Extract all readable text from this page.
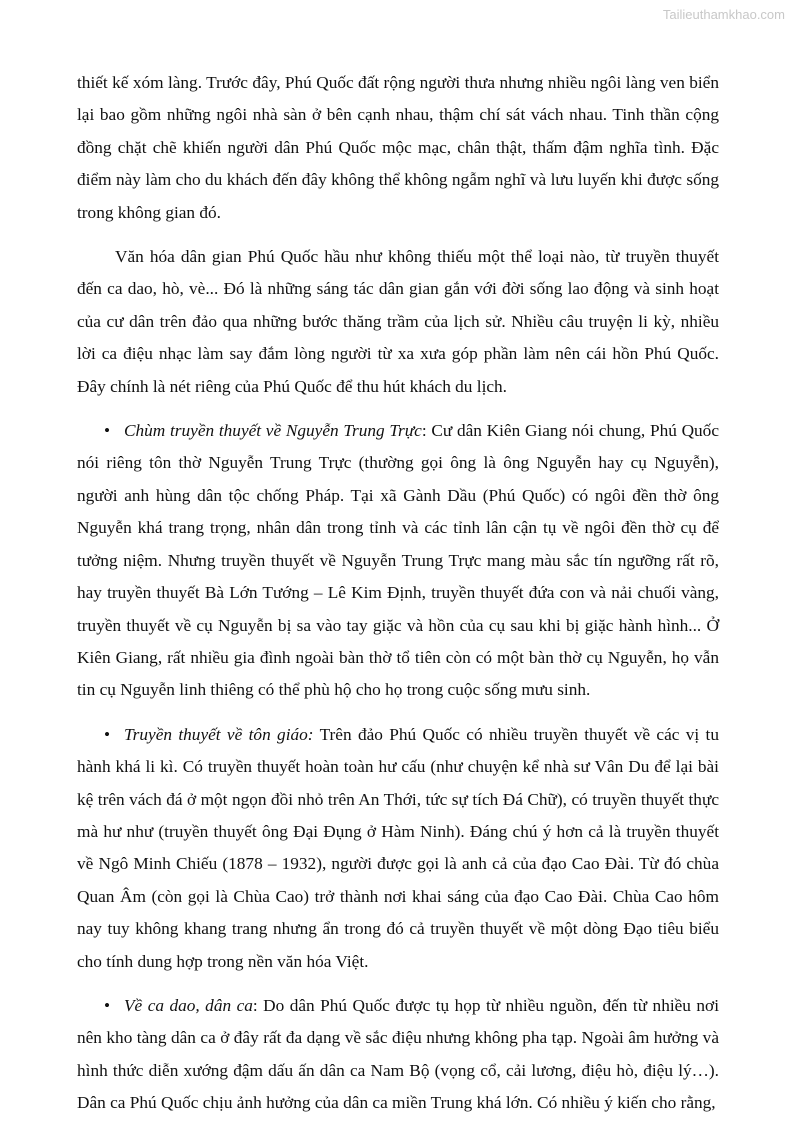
Tailieuthamkhao.com

thiết kế xóm làng. Trước đây, Phú Quốc đất rộng người thưa nhưng nhiều ngôi làng ven biển lại bao gồm những ngôi nhà sàn ở bên cạnh nhau, thậm chí sát vách nhau. Tinh thần cộng đồng chặt chẽ khiến người dân Phú Quốc mộc mạc, chân thật, thấm đậm nghĩa tình. Đặc điểm này làm cho du khách đến đây không thể không ngẫm nghĩ và lưu luyến khi được sống trong không gian đó.

Văn hóa dân gian Phú Quốc hầu như không thiếu một thể loại nào, từ truyền thuyết đến ca dao, hò, vè... Đó là những sáng tác dân gian gắn với đời sống lao động và sinh hoạt của cư dân trên đảo qua những bước thăng trầm của lịch sử. Nhiều câu truyện li kỳ, nhiều lời ca điệu nhạc làm say đắm lòng người từ xa xưa góp phần làm nên cái hồn Phú Quốc. Đây chính là nét riêng của Phú Quốc để thu hút khách du lịch.

• Chùm truyền thuyết về Nguyễn Trung Trực: Cư dân Kiên Giang nói chung, Phú Quốc nói riêng tôn thờ Nguyễn Trung Trực (thường gọi ông là ông Nguyễn hay cụ Nguyễn), người anh hùng dân tộc chống Pháp. Tại xã Gành Dầu (Phú Quốc) có ngôi đền thờ ông Nguyễn khá trang trọng, nhân dân trong tỉnh và các tỉnh lân cận tụ về ngôi đền thờ cụ để tưởng niệm. Nhưng truyền thuyết về Nguyễn Trung Trực mang màu sắc tín ngưỡng rất rõ, hay truyền thuyết Bà Lớn Tướng – Lê Kim Định, truyền thuyết đứa con và nải chuối vàng, truyền thuyết về cụ Nguyễn bị sa vào tay giặc và hồn của cụ sau khi bị giặc hành hình... Ở Kiên Giang, rất nhiều gia đình ngoài bàn thờ tổ tiên còn có một bàn thờ cụ Nguyễn, họ vẫn tin cụ Nguyễn linh thiêng có thể phù hộ cho họ trong cuộc sống mưu sinh.

• Truyền thuyết về tôn giáo: Trên đảo Phú Quốc có nhiều truyền thuyết về các vị tu hành khá li kì. Có truyền thuyết hoàn toàn hư cấu (như chuyện kể nhà sư Vân Du để lại bài kệ trên vách đá ở một ngọn đồi nhỏ trên An Thới, tức sự tích Đá Chữ), có truyền thuyết thực mà hư như (truyền thuyết ông Đại Đụng ở Hàm Ninh). Đáng chú ý hơn cả là truyền thuyết về Ngô Minh Chiếu (1878 – 1932), người được gọi là anh cả của đạo Cao Đài. Từ đó chùa Quan Âm (còn gọi là Chùa Cao) trở thành nơi khai sáng của đạo Cao Đài. Chùa Cao hôm nay tuy không khang trang nhưng ẩn trong đó cả truyền thuyết về một dòng Đạo tiêu biểu cho tính dung hợp trong nền văn hóa Việt.

• Về ca dao, dân ca: Do dân Phú Quốc được tụ họp từ nhiều nguồn, đến từ nhiều nơi nên kho tàng dân ca ở đây rất đa dạng về sắc điệu nhưng không pha tạp. Ngoài âm hưởng và hình thức diễn xướng đậm dấu ấn dân ca Nam Bộ (vọng cổ, cải lương, điệu hò, điệu lý…). Dân ca Phú Quốc chịu ảnh hưởng của dân ca miền Trung khá lớn. Có nhiều ý kiến cho rằng,
